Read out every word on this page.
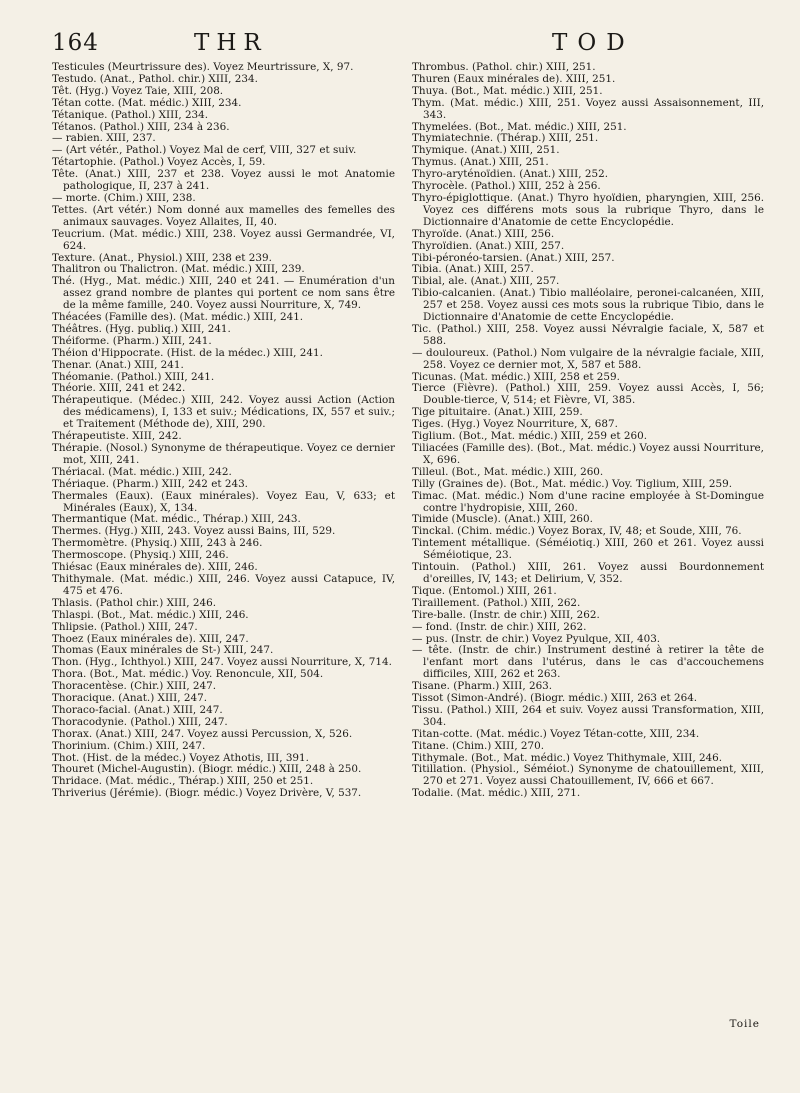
164	THR	TOD
Testicules (Meurtrissure des). Voyez Meurtrissure, X, 97.
Testudo. (Anat., Pathol. chir.) XIII, 234.
Têt. (Hyg.) Voyez Taie, XIII, 208.
Tétan cotte. (Mat. médic.) XIII, 234.
Tétanique. (Pathol.) XIII, 234.
Tétanos. (Pathol.) XIII, 234 à 236.
— rabien. XIII, 237.
— (Art vétér., Pathol.) Voyez Mal de cerf, VIII, 327 et suiv.
Tétartophie. (Pathol.) Voyez Accès, I, 59.
Tête. (Anat.) XIII, 237 et 238. Voyez aussi le mot Anatomie pathologique, II, 237 à 241.
— morte. (Chim.) XIII, 238.
Tettes. (Art vétér.) Nom donné aux mamelles des femelles des animaux sauvages. Voyez Allaites, II, 40.
Teucrium. (Mat. médic.) XIII, 238. Voyez aussi Germandrée, VI, 624.
Texture. (Anat., Physiol.) XIII, 238 et 239.
Thalitron ou Thalictron. (Mat. médic.) XIII, 239.
Thé. (Hyg., Mat. médic.) XIII, 240 et 241. — Enumération d'un assez grand nombre de plantes qui portent ce nom sans être de la même famille, 240. Voyez aussi Nourriture, X, 749.
Théacées (Famille des). (Mat. médic.) XIII, 241.
Théâtres. (Hyg. publiq.) XIII, 241.
Théiforme. (Pharm.) XIII, 241.
Théion d'Hippocrate. (Hist. de la médec.) XIII, 241.
Thenar. (Anat.) XIII, 241.
Théomanie. (Pathol.) XIII, 241.
Théorie. XIII, 241 et 242.
Thérapeutique. (Médec.) XIII, 242. Voyez aussi Action (Action des médicamens), I, 133 et suiv.; Médications, IX, 557 et suiv.; et Traitement (Méthode de), XIII, 290.
Thérapeutiste. XIII, 242.
Thérapie. (Nosol.) Synonyme de thérapeutique. Voyez ce dernier mot, XIII, 241.
Thériacal. (Mat. médic.) XIII, 242.
Thériaque. (Pharm.) XIII, 242 et 243.
Thermales (Eaux). (Eaux minérales). Voyez Eau, V, 633; et Minérales (Eaux), X, 134.
Thermantique (Mat. médic., Thérap.) XIII, 243.
Thermes. (Hyg.) XIII, 243. Voyez aussi Bains, III, 529.
Thermomètre. (Physiq.) XIII, 243 à 246.
Thermoscope. (Physiq.) XIII, 246.
Thiésac (Eaux minérales de). XIII, 246.
Thithymale. (Mat. médic.) XIII, 246. Voyez aussi Catapuce, IV, 475 et 476.
Thlasis. (Pathol chir.) XIII, 246.
Thlaspi. (Bot., Mat. médic.) XIII, 246.
Thlipsie. (Pathol.) XIII, 247.
Thoez (Eaux minérales de). XIII, 247.
Thomas (Eaux minérales de St-) XIII, 247.
Thon. (Hyg., Ichthyol.) XIII, 247. Voyez aussi Nourriture, X, 714.
Thora. (Bot., Mat. médic.) Voy. Renoncule, XII, 504.
Thoracentèse. (Chir.) XIII, 247.
Thoracique. (Anat.) XIII, 247.
Thoraco-facial. (Anat.) XIII, 247.
Thoracodynie. (Pathol.) XIII, 247.
Thorax. (Anat.) XIII, 247. Voyez aussi Percussion, X, 526.
Thorinium. (Chim.) XIII, 247.
Thot. (Hist. de la médec.) Voyez Athotis, III, 391.
Thouret (Michel-Augustin). (Biogr. médic.) XIII, 248 à 250.
Thridace. (Mat. médic., Thérap.) XIII, 250 et 251.
Thriverius (Jérémie). (Biogr. médic.) Voyez Drivère, V, 537.
Thrombus. (Pathol. chir.) XIII, 251.
Thuren (Eaux minérales de). XIII, 251.
Thuya. (Bot., Mat. médic.) XIII, 251.
Thym. (Mat. médic.) XIII, 251. Voyez aussi Assaisonnement, III, 343.
Thymelées. (Bot., Mat. médic.) XIII, 251.
Thymiatechnie. (Thérap.) XIII, 251.
Thymique. (Anat.) XIII, 251.
Thymus. (Anat.) XIII, 251.
Thyro-aryténoïdien. (Anat.) XIII, 252.
Thyrocèle. (Pathol.) XIII, 252 à 256.
Thyro-épiglottique. (Anat.) Thyro hyoïdien, pharyngien, XIII, 256. Voyez ces différens mots sous la rubrique Thyro, dans le Dictionnaire d'Anatomie de cette Encyclopédie.
Thyroïde. (Anat.) XIII, 256.
Thyroïdien. (Anat.) XIII, 257.
Tibi-péronéo-tarsien. (Anat.) XIII, 257.
Tibia. (Anat.) XIII, 257.
Tibial, ale. (Anat.) XIII, 257.
Tibio-calcanien. (Anat.) Tibio malléolaire, peronei-calcanéen, XIII, 257 et 258. Voyez aussi ces mots sous la rubrique Tibio, dans le Dictionnaire d'Anatomie de cette Encyclopédie.
Tic. (Pathol.) XIII, 258. Voyez aussi Névralgie faciale, X, 587 et 588.
— douloureux. (Pathol.) Nom vulgaire de la névralgie faciale, XIII, 258. Voyez ce dernier mot, X, 587 et 588.
Ticunas. (Mat. médic.) XIII, 258 et 259.
Tierce (Fièvre). (Pathol.) XIII, 259. Voyez aussi Accès, I, 56; Double-tierce, V, 514; et Fièvre, VI, 385.
Tige pituitaire. (Anat.) XIII, 259.
Tiges. (Hyg.) Voyez Nourriture, X, 687.
Tiglium. (Bot., Mat. médic.) XIII, 259 et 260.
Tiliacées (Famille des). (Bot., Mat. médic.) Voyez aussi Nourriture, X, 696.
Tilleul. (Bot., Mat. médic.) XIII, 260.
Tilly (Graines de). (Bot., Mat. médic.) Voy. Tiglium, XIII, 259.
Timac. (Mat. médic.) Nom d'une racine employée à St-Domingue contre l'hydropisie, XIII, 260.
Timide (Muscle). (Anat.) XIII, 260.
Tinckal. (Chim. médic.) Voyez Borax, IV, 48; et Soude, XIII, 76.
Tintement métallique. (Séméiotiq.) XIII, 260 et 261. Voyez aussi Séméiotique, 23.
Tintouin. (Pathol.) XIII, 261. Voyez aussi Bourdonnement d'oreilles, IV, 143; et Delirium, V, 352.
Tique. (Entomol.) XIII, 261.
Tiraillement. (Pathol.) XIII, 262.
Tire-balle. (Instr. de chir.) XIII, 262.
— fond. (Instr. de chir.) XIII, 262.
— pus. (Instr. de chir.) Voyez Pyulque, XII, 403.
— tête. (Instr. de chir.) Instrument destiné à retirer la tête de l'enfant mort dans l'utérus, dans le cas d'accouchemens difficiles, XIII, 262 et 263.
Tisane. (Pharm.) XIII, 263.
Tissot (Simon-André). (Biogr. médic.) XIII, 263 et 264.
Tissu. (Pathol.) XIII, 264 et suiv. Voyez aussi Transformation, XIII, 304.
Titan-cotte. (Mat. médic.) Voyez Tétan-cotte, XIII, 234.
Titane. (Chim.) XIII, 270.
Tithymale. (Bot., Mat. médic.) Voyez Thithymale, XIII, 246.
Titillation. (Physiol., Séméiot.) Synonyme de chatouillement, XIII, 270 et 271. Voyez aussi Chatouillement, IV, 666 et 667.
Todalie. (Mat. médic.) XIII, 271.
Toile
